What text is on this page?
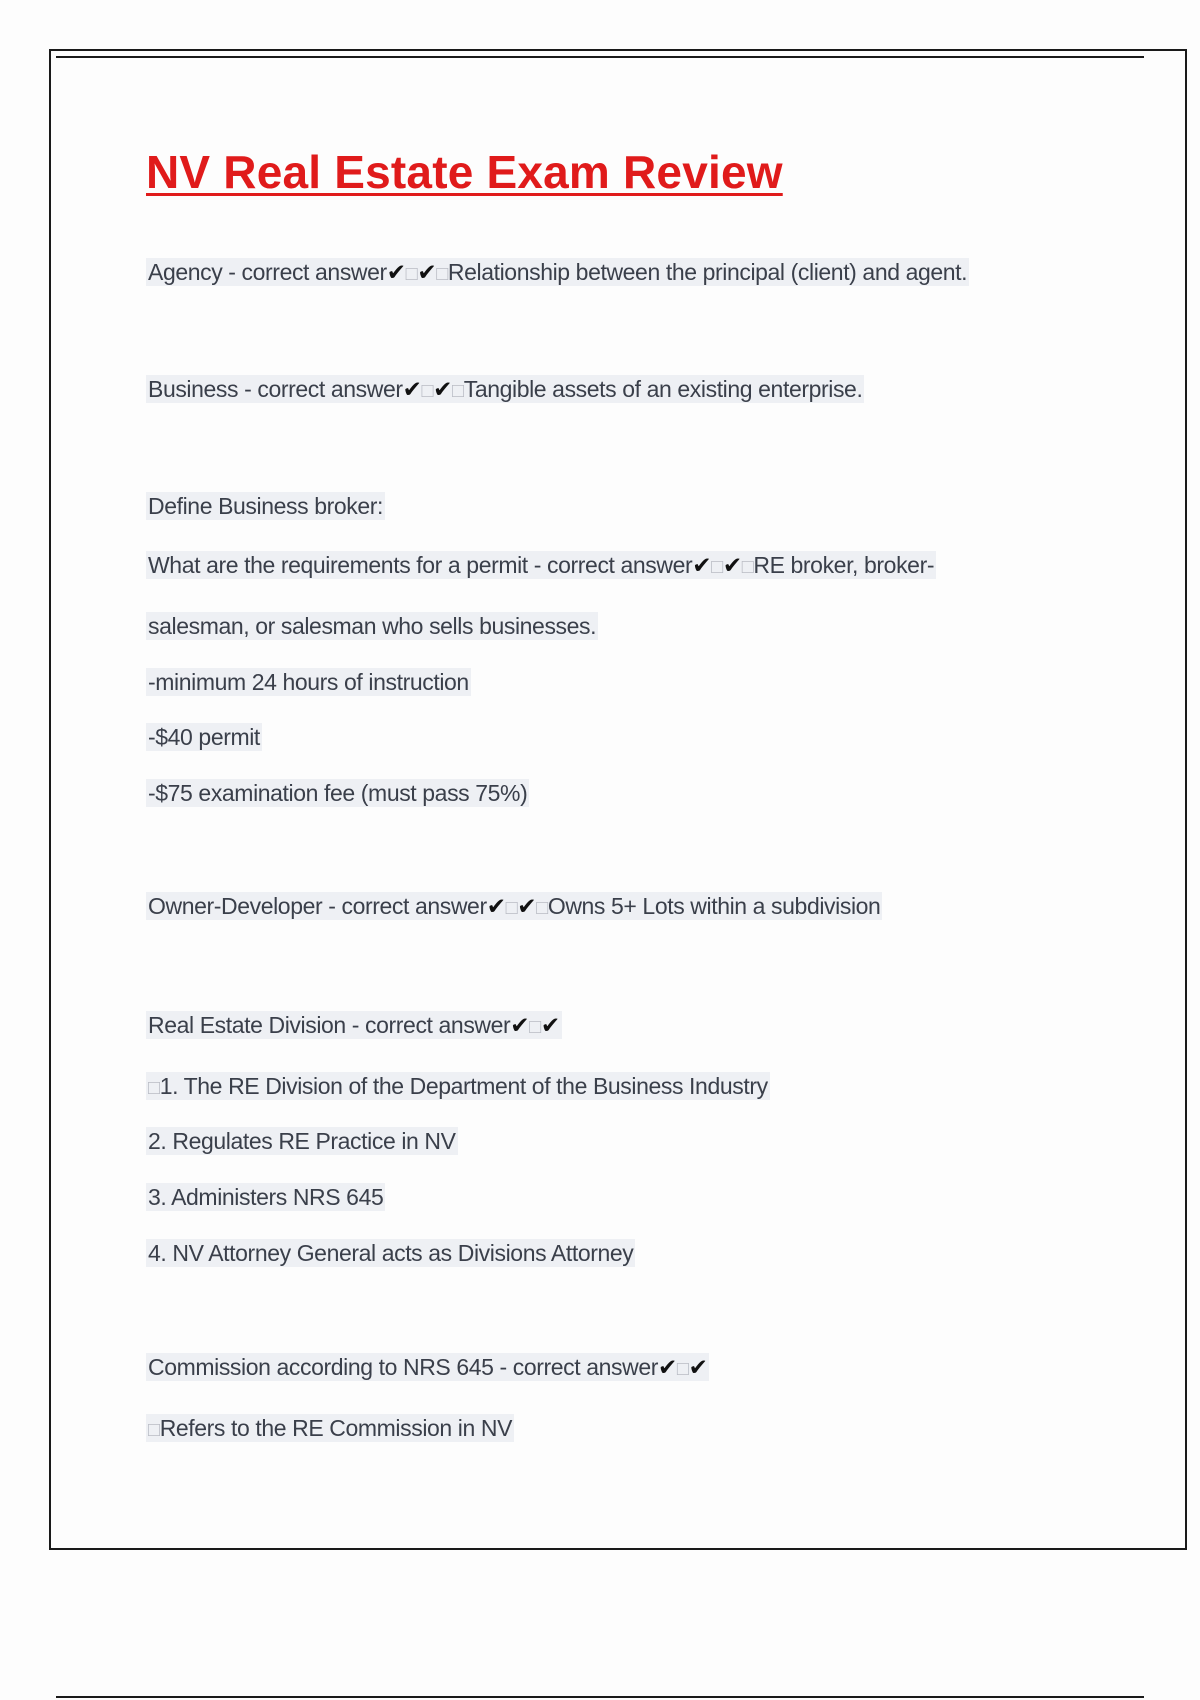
NV Real Estate Exam Review

Agency - correct answer✔□✔□Relationship between the principal (client) and agent.

Business - correct answer✔□✔□Tangible assets of an existing enterprise.

Define Business broker:

What are the requirements for a permit - correct answer✔□✔□RE broker, broker-

salesman, or salesman who sells businesses.

-minimum 24 hours of instruction

-$40 permit

-$75 examination fee (must pass 75%)

Owner-Developer - correct answer✔□✔□Owns 5+ Lots within a subdivision

Real Estate Division - correct answer✔□✔

□1. The RE Division of the Department of the Business Industry

2. Regulates RE Practice in NV

3. Administers NRS 645

4. NV Attorney General acts as Divisions Attorney

Commission according to NRS 645 - correct answer✔□✔

□Refers to the RE Commission in NV
